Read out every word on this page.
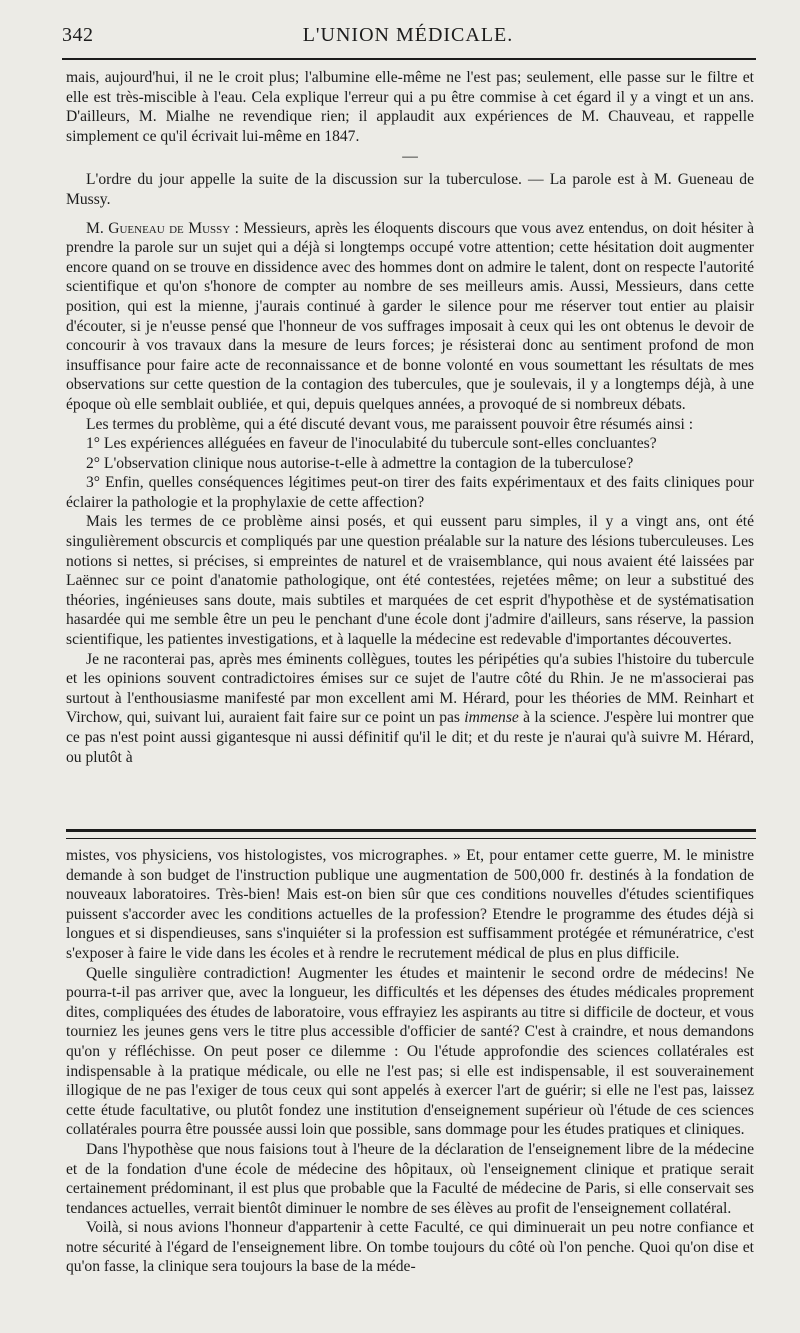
342	L'UNION MÉDICALE.

mais, aujourd'hui, il ne le croit plus; l'albumine elle-même ne l'est pas; seulement, elle passe sur le filtre et elle est très-miscible à l'eau. Cela explique l'erreur qui a pu être commise à cet égard il y a vingt et un ans. D'ailleurs, M. Mialhe ne revendique rien; il applaudit aux expériences de M. Chauveau, et rappelle simplement ce qu'il écrivait lui-même en 1847.

—

L'ordre du jour appelle la suite de la discussion sur la tuberculose. — La parole est à M. Gueneau de Mussy.

M. Gueneau de Mussy : Messieurs, après les éloquents discours que vous avez entendus, on doit hésiter à prendre la parole sur un sujet qui a déjà si longtemps occupé votre attention; cette hésitation doit augmenter encore quand on se trouve en dissidence avec des hommes dont on admire le talent, dont on respecte l'autorité scientifique et qu'on s'honore de compter au nombre de ses meilleurs amis. Aussi, Messieurs, dans cette position, qui est la mienne, j'aurais continué à garder le silence pour me réserver tout entier au plaisir d'écouter, si je n'eusse pensé que l'honneur de vos suffrages imposait à ceux qui les ont obtenus le devoir de concourir à vos travaux dans la mesure de leurs forces; je résisterai donc au sentiment profond de mon insuffisance pour faire acte de reconnaissance et de bonne volonté en vous soumettant les résultats de mes observations sur cette question de la contagion des tubercules, que je soulevais, il y a longtemps déjà, à une époque où elle semblait oubliée, et qui, depuis quelques années, a provoqué de si nombreux débats.

Les termes du problème, qui a été discuté devant vous, me paraissent pouvoir être résumés ainsi :

1° Les expériences alléguées en faveur de l'inoculabité du tubercule sont-elles concluantes?

2° L'observation clinique nous autorise-t-elle à admettre la contagion de la tuberculose?

3° Enfin, quelles conséquences légitimes peut-on tirer des faits expérimentaux et des faits cliniques pour éclairer la pathologie et la prophylaxie de cette affection?

Mais les termes de ce problème ainsi posés, et qui eussent paru simples, il y a vingt ans, ont été singulièrement obscurcis et compliqués par une question préalable sur la nature des lésions tuberculeuses. Les notions si nettes, si précises, si empreintes de naturel et de vraisemblance, qui nous avaient été laissées par Laënnec sur ce point d'anatomie pathologique, ont été contestées, rejetées même; on leur a substitué des théories, ingénieuses sans doute, mais subtiles et marquées de cet esprit d'hypothèse et de systématisation hasardée qui me semble être un peu le penchant d'une école dont j'admire d'ailleurs, sans réserve, la passion scientifique, les patientes investigations, et à laquelle la médecine est redevable d'importantes découvertes.

Je ne raconterai pas, après mes éminents collègues, toutes les péripéties qu'a subies l'histoire du tubercule et les opinions souvent contradictoires émises sur ce sujet de l'autre côté du Rhin. Je ne m'associerai pas surtout à l'enthousiasme manifesté par mon excellent ami M. Hérard, pour les théories de MM. Reinhart et Virchow, qui, suivant lui, auraient fait faire sur ce point un pas immense à la science. J'espère lui montrer que ce pas n'est point aussi gigantesque ni aussi définitif qu'il le dit; et du reste je n'aurai qu'à suivre M. Hérard, ou plutôt à

mistes, vos physiciens, vos histologistes, vos micrographes. » Et, pour entamer cette guerre, M. le ministre demande à son budget de l'instruction publique une augmentation de 500,000 fr. destinés à la fondation de nouveaux laboratoires. Très-bien! Mais est-on bien sûr que ces conditions nouvelles d'études scientifiques puissent s'accorder avec les conditions actuelles de la profession? Etendre le programme des études déjà si longues et si dispendieuses, sans s'inquiéter si la profession est suffisamment protégée et rémunératrice, c'est s'exposer à faire le vide dans les écoles et à rendre le recrutement médical de plus en plus difficile.

Quelle singulière contradiction! Augmenter les études et maintenir le second ordre de médecins! Ne pourra-t-il pas arriver que, avec la longueur, les difficultés et les dépenses des études médicales proprement dites, compliquées des études de laboratoire, vous effrayiez les aspirants au titre si difficile de docteur, et vous tourniez les jeunes gens vers le titre plus accessible d'officier de santé? C'est à craindre, et nous demandons qu'on y réfléchisse. On peut poser ce dilemme : Ou l'étude approfondie des sciences collatérales est indispensable à la pratique médicale, ou elle ne l'est pas; si elle est indispensable, il est souverainement illogique de ne pas l'exiger de tous ceux qui sont appelés à exercer l'art de guérir; si elle ne l'est pas, laissez cette étude facultative, ou plutôt fondez une institution d'enseignement supérieur où l'étude de ces sciences collatérales pourra être poussée aussi loin que possible, sans dommage pour les études pratiques et cliniques.

Dans l'hypothèse que nous faisions tout à l'heure de la déclaration de l'enseignement libre de la médecine et de la fondation d'une école de médecine des hôpitaux, où l'enseignement clinique et pratique serait certainement prédominant, il est plus que probable que la Faculté de médecine de Paris, si elle conservait ses tendances actuelles, verrait bientôt diminuer le nombre de ses élèves au profit de l'enseignement collatéral.

Voilà, si nous avions l'honneur d'appartenir à cette Faculté, ce qui diminuerait un peu notre confiance et notre sécurité à l'égard de l'enseignement libre. On tombe toujours du côté où l'on penche. Quoi qu'on dise et qu'on fasse, la clinique sera toujours la base de la méde-
